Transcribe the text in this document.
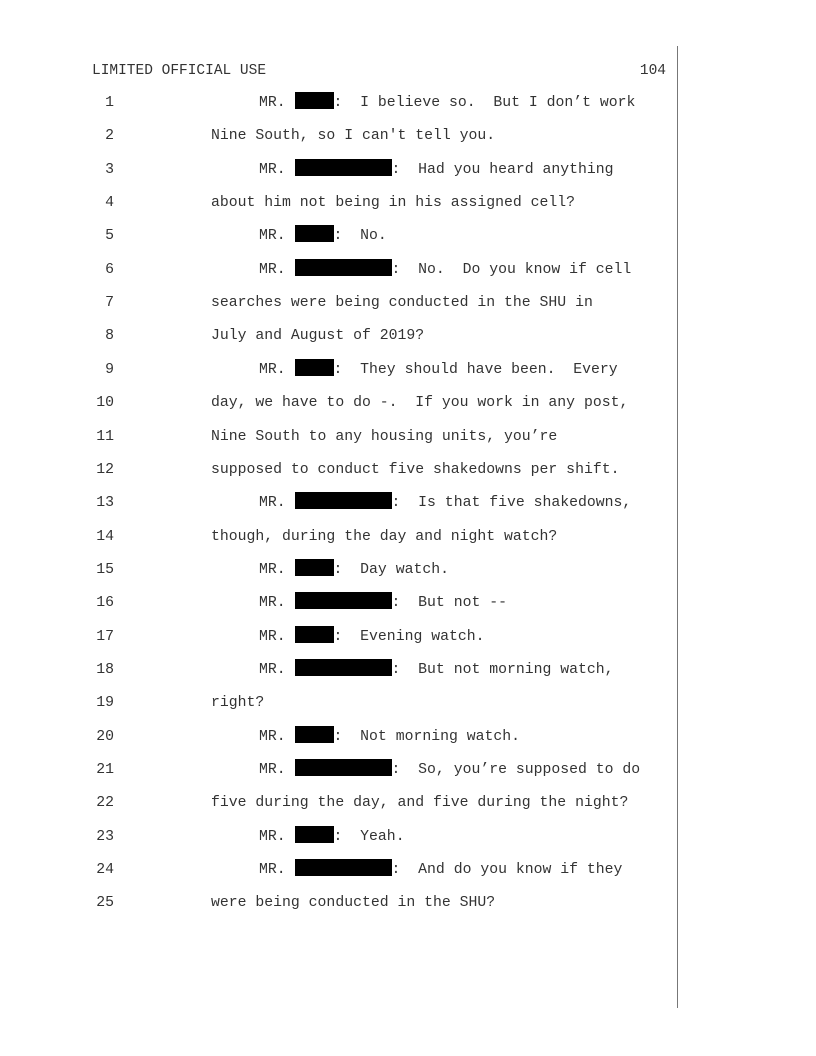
LIMITED OFFICIAL USE	104
1	MR.	:  I believe so.  But I don’t work
2	Nine South, so I can't tell you.
3	MR.	:  Had you heard anything
4	about him not being in his assigned cell?
5	MR.	:  No.
6	MR.	:  No.  Do you know if cell
7	searches were being conducted in the SHU in
8	July and August of 2019?
9	MR.	:  They should have been.  Every
10	day, we have to do -.  If you work in any post,
11	Nine South to any housing units, you’re
12	supposed to conduct five shakedowns per shift.
13	MR.	:  Is that five shakedowns,
14	though, during the day and night watch?
15	MR.	:  Day watch.
16	MR.	:  But not --
17	MR.	:  Evening watch.
18	MR.	:  But not morning watch,
19	right?
20	MR.	:  Not morning watch.
21	MR.	:  So, you’re supposed to do
22	five during the day, and five during the night?
23	MR.	:  Yeah.
24	MR.	:  And do you know if they
25	were being conducted in the SHU?
